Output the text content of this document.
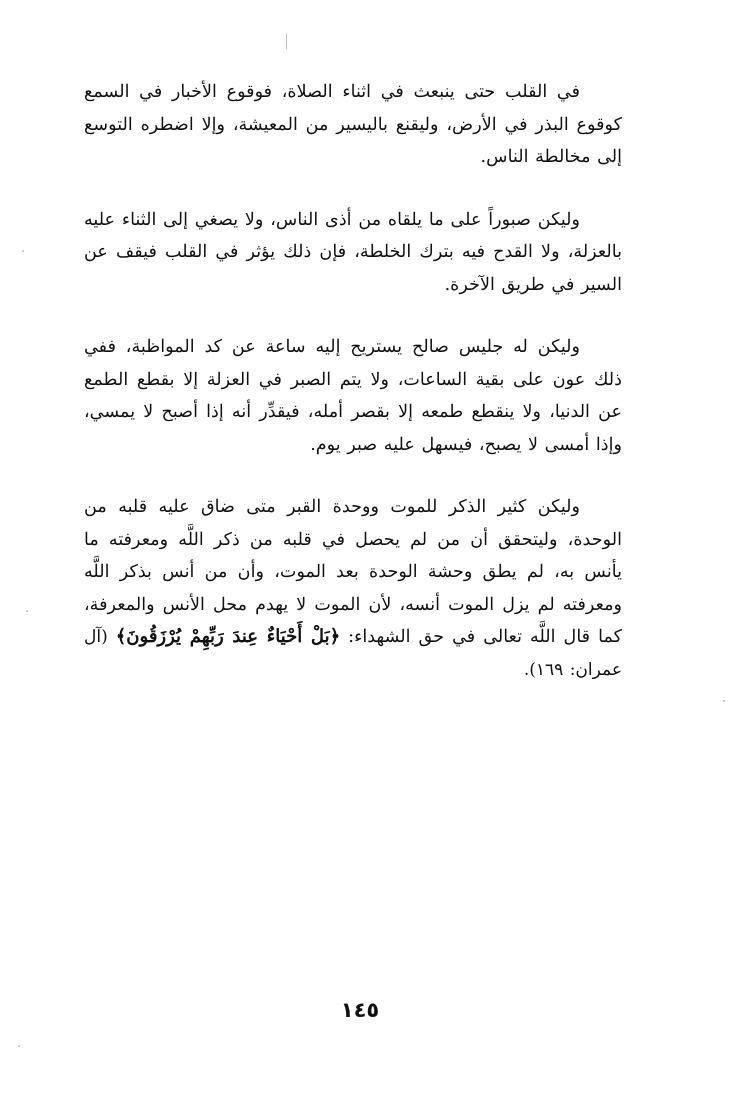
في القلب حتى ينبعث في اثناء الصلاة، فوقوع الأخبار في السمع كوقوع البذر في الأرض، وليقنع باليسير من المعيشة، وإلا اضطره التوسع إلى مخالطة الناس.

وليكن صبوراً على ما يلقاه من أذى الناس، ولا يصغي إلى الثناء عليه بالعزلة، ولا القدح فيه بترك الخلطة، فإن ذلك يؤثر في القلب فيقف عن السير في طريق الآخرة.

وليكن له جليس صالح يستريح إليه ساعة عن كد المواظبة، ففي ذلك عون على بقية الساعات، ولا يتم الصبر في العزلة إلا بقطع الطمع عن الدنيا، ولا ينقطع طمعه إلا بقصر أمله، فيقدِّر أنه إذا أصبح لا يمسي، وإذا أمسى لا يصبح، فيسهل عليه صبر يوم.

وليكن كثير الذكر للموت ووحدة القبر متى ضاق عليه قلبه من الوحدة، وليتحقق أن من لم يحصل في قلبه من ذكر اللَّه ومعرفته ما يأنس به، لم يطق وحشة الوحدة بعد الموت، وأن من أنس بذكر اللَّه ومعرفته لم يزل الموت أنسه، لأن الموت لا يهدم محل الأنس والمعرفة، كما قال اللَّه تعالى في حق الشهداء: ﴿بَلْ أَحْيَاءٌ عِندَ رَبِّهِمْ يُرْزَقُونَ﴾ (آل عمران: ١٦٩).

١٤٥
